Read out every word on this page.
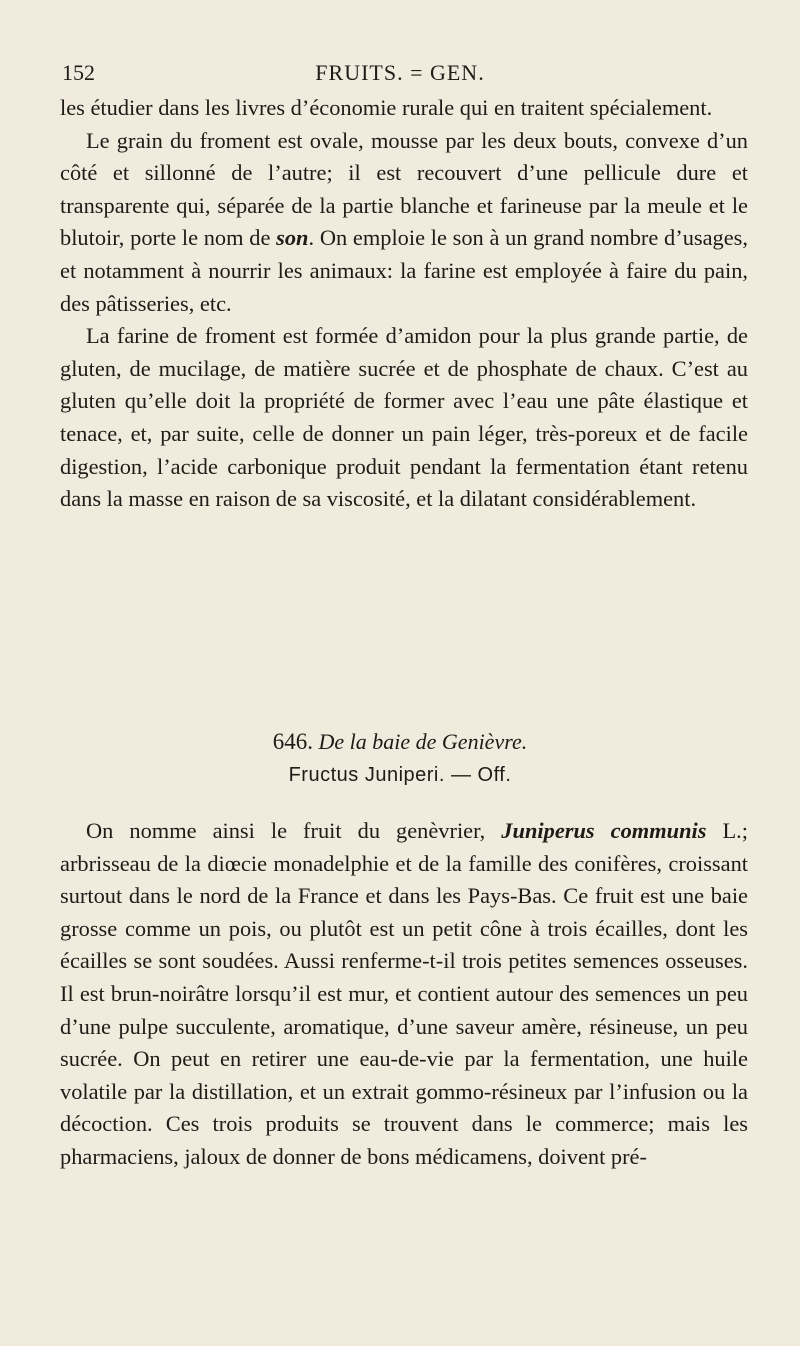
152	FRUITS. = GEN.

les étudier dans les livres d’économie rurale qui en traitent spécialement.

Le grain du froment est ovale, mousse par les deux bouts, convexe d’un côté et sillonné de l’autre; il est recouvert d’une pellicule dure et transparente qui, séparée de la partie blanche et farineuse par la meule et le blutoir, porte le nom de son. On emploie le son à un grand nombre d’usages, et notamment à nourrir les animaux: la farine est employée à faire du pain, des pâtisseries, etc.

La farine de froment est formée d’amidon pour la plus grande partie, de gluten, de mucilage, de matière sucrée et de phosphate de chaux. C’est au gluten qu’elle doit la propriété de former avec l’eau une pâte élastique et tenace, et, par suite, celle de donner un pain léger, très-poreux et de facile digestion, l’acide carbonique produit pendant la fermentation étant retenu dans la masse en raison de sa viscosité, et la dilatant considérablement.

646. De la baie de Genièvre.
Fructus Juniperi. — Off.

On nomme ainsi le fruit du genèvrier, Juniperus communis L.; arbrisseau de la diœcie monadelphie et de la famille des conifères, croissant surtout dans le nord de la France et dans les Pays-Bas. Ce fruit est une baie grosse comme un pois, ou plutôt est un petit cône à trois écailles, dont les écailles se sont soudées. Aussi renferme-t-il trois petites semences osseuses. Il est brun-noirâtre lorsqu’il est mur, et contient autour des semences un peu d’une pulpe succulente, aromatique, d’une saveur amère, résineuse, un peu sucrée. On peut en retirer une eau-de-vie par la fermentation, une huile volatile par la distillation, et un extrait gommo-résineux par l’infusion ou la décoction. Ces trois produits se trouvent dans le commerce; mais les pharmaciens, jaloux de donner de bons médicamens, doivent pré-
